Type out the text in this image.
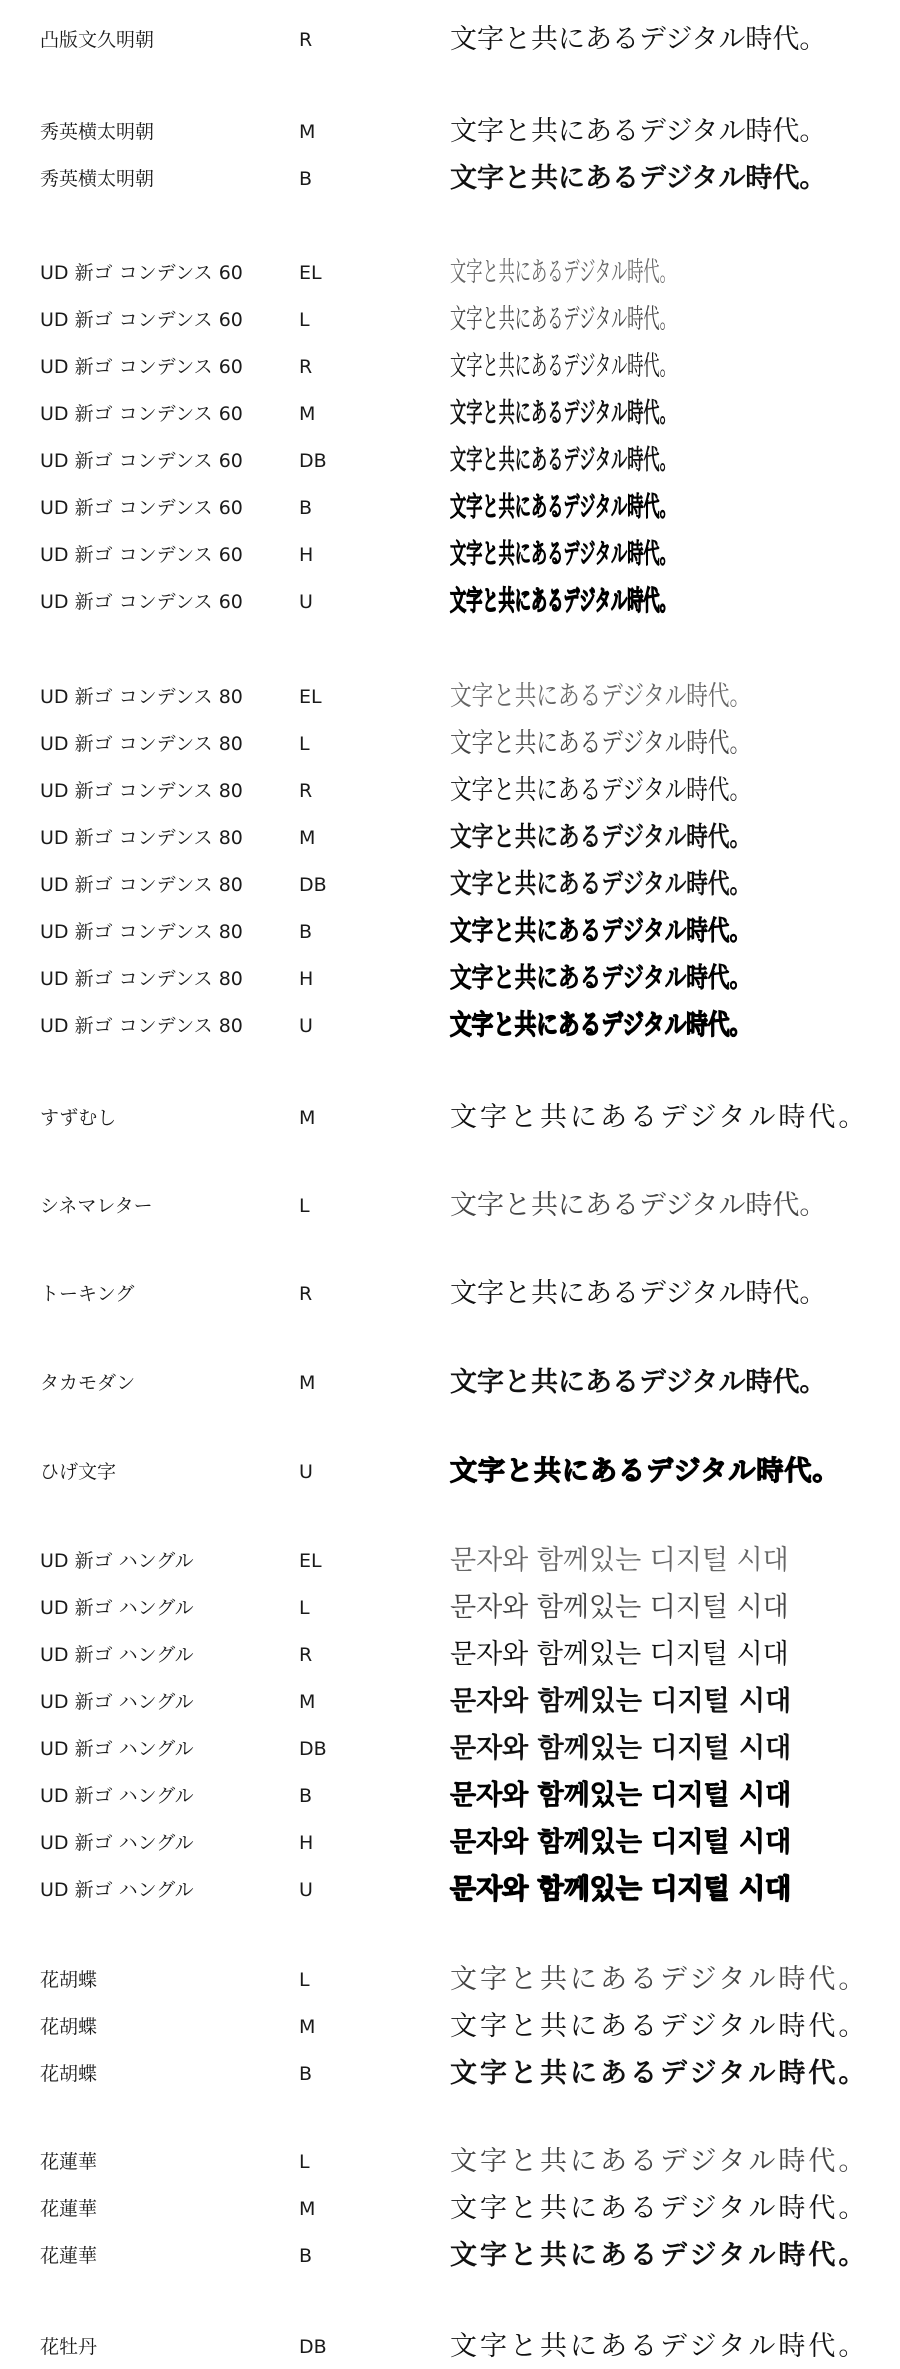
凸版文久明朝	R	文字と共にあるデジタル時代。
秀英横太明朝	M	文字と共にあるデジタル時代。
秀英横太明朝	B	文字と共にあるデジタル時代。
UD 新ゴ コンデンス 60	EL	文字と共にあるデジタル時代。
UD 新ゴ コンデンス 60	L	文字と共にあるデジタル時代。
UD 新ゴ コンデンス 60	R	文字と共にあるデジタル時代。
UD 新ゴ コンデンス 60	M	文字と共にあるデジタル時代。
UD 新ゴ コンデンス 60	DB	文字と共にあるデジタル時代。
UD 新ゴ コンデンス 60	B	文字と共にあるデジタル時代。
UD 新ゴ コンデンス 60	H	文字と共にあるデジタル時代。
UD 新ゴ コンデンス 60	U	文字と共にあるデジタル時代。
UD 新ゴ コンデンス 80	EL	文字と共にあるデジタル時代。
UD 新ゴ コンデンス 80	L	文字と共にあるデジタル時代。
UD 新ゴ コンデンス 80	R	文字と共にあるデジタル時代。
UD 新ゴ コンデンス 80	M	文字と共にあるデジタル時代。
UD 新ゴ コンデンス 80	DB	文字と共にあるデジタル時代。
UD 新ゴ コンデンス 80	B	文字と共にあるデジタル時代。
UD 新ゴ コンデンス 80	H	文字と共にあるデジタル時代。
UD 新ゴ コンデンス 80	U	文字と共にあるデジタル時代。
すずむし	M	文字と共にあるデジタル時代。
シネマレター	L	文字と共にあるデジタル時代。
トーキング	R	文字と共にあるデジタル時代。
タカモダン	M	文字と共にあるデジタル時代。
ひげ文字	U	文字と共にあるデジタル時代。
UD 新ゴ ハングル	EL	문자와 함께있는 디지털 시대
UD 新ゴ ハングル	L	문자와 함께있는 디지털 시대
UD 新ゴ ハングル	R	문자와 함께있는 디지털 시대
UD 新ゴ ハングル	M	문자와 함께있는 디지털 시대
UD 新ゴ ハングル	DB	문자와 함께있는 디지털 시대
UD 新ゴ ハングル	B	문자와 함께있는 디지털 시대
UD 新ゴ ハングル	H	문자와 함께있는 디지털 시대
UD 新ゴ ハングル	U	문자와 함께있는 디지털 시대
花胡蝶	L	文字と共にあるデジタル時代。
花胡蝶	M	文字と共にあるデジタル時代。
花胡蝶	B	文字と共にあるデジタル時代。
花蓮華	L	文字と共にあるデジタル時代。
花蓮華	M	文字と共にあるデジタル時代。
花蓮華	B	文字と共にあるデジタル時代。
花牡丹	DB	文字と共にあるデジタル時代。
